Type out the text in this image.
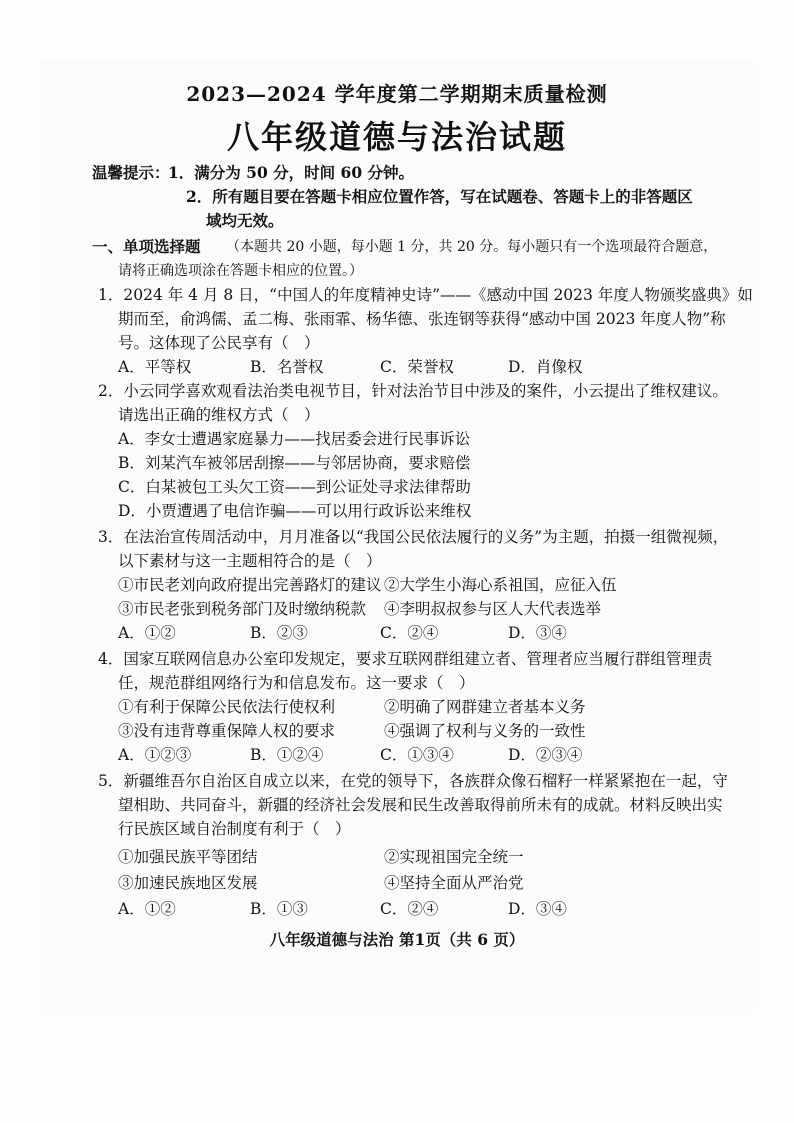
2023—2024 学年度第二学期期末质量检测
八年级道德与法治试题
温馨提示：
1．满分为 50 分，时间 60 分钟。
2．所有题目要在答题卡相应位置作答，写在试题卷、答题卡上的非答题区
域均无效。
一、单项选择题 （本题共 20 小题，每小题 1 分，共 20 分。每小题只有一个选项最符合题意，
请将正确选项涂在答题卡相应的位置。）
1．2024 年 4 月 8 日，“中国人的年度精神史诗”——《感动中国 2023 年度人物颁奖盛典》如
期而至，俞鸿儒、孟二梅、张雨霏、杨华德、张连钢等获得“感动中国 2023 年度人物”称
号。这体现了公民享有（　）
A．平等权	B．名誉权	C．荣誉权	D．肖像权
2．小云同学喜欢观看法治类电视节目，针对法治节目中涉及的案件，小云提出了维权建议。
请选出正确的维权方式（　）
A．李女士遭遇家庭暴力——找居委会进行民事诉讼
B．刘某汽车被邻居刮擦——与邻居协商，要求赔偿
C．白某被包工头欠工资——到公证处寻求法律帮助
D．小贾遭遇了电信诈骗——可以用行政诉讼来维权
3．在法治宣传周活动中，月月准备以“我国公民依法履行的义务”为主题，拍摄一组微视频，
以下素材与这一主题相符合的是（　）
①市民老刘向政府提出完善路灯的建议 ②大学生小海心系祖国，应征入伍
③市民老张到税务部门及时缴纳税款 ④李明叔叔参与区人大代表选举
A．①②	B．②③	C．②④	D．③④
4．国家互联网信息办公室印发规定，要求互联网群组建立者、管理者应当履行群组管理责
任，规范群组网络行为和信息发布。这一要求（　）
①有利于保障公民依法行使权利	②明确了网群建立者基本义务
③没有违背尊重保障人权的要求	④强调了权利与义务的一致性
A．①②③	B．①②④	C．①③④	D．②③④
5．新疆维吾尔自治区自成立以来，在党的领导下，各族群众像石榴籽一样紧紧抱在一起，守
望相助、共同奋斗，新疆的经济社会发展和民生改善取得前所未有的成就。材料反映出实
行民族区域自治制度有利于（　）
①加强民族平等团结	②实现祖国完全统一
③加速民族地区发展	④坚持全面从严治党
A．①②	B．①③	C．②④	D．③④
八年级道德与法治 第1页（共 6 页）
